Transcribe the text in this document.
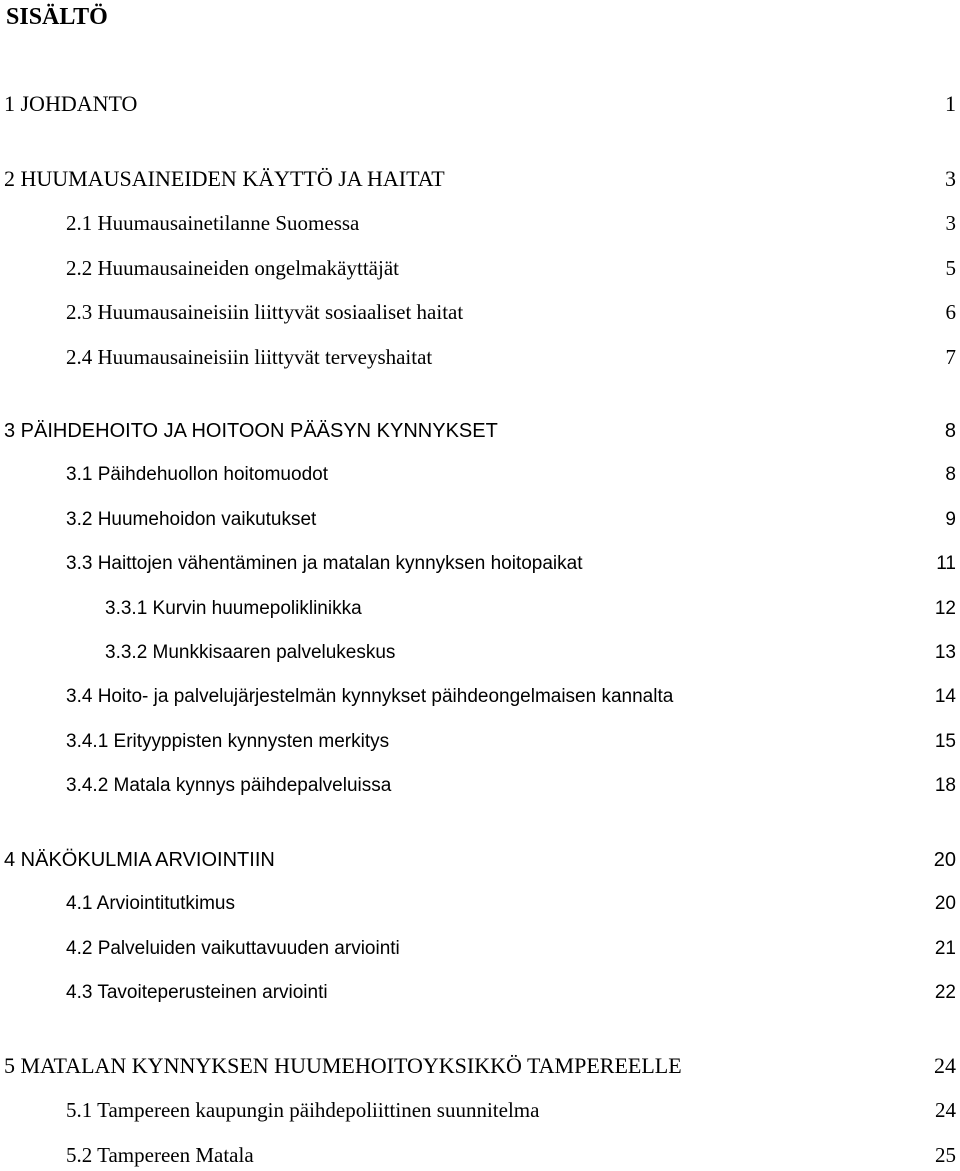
SISÄLTÖ
1 JOHDANTO	1
2 HUUMAUSAINEIDEN KÄYTTÖ JA HAITAT	3
2.1 Huumausainetilanne Suomessa	3
2.2 Huumausaineiden ongelmakäyttäjät	5
2.3 Huumausaineisiin liittyvät sosiaaliset haitat	6
2.4 Huumausaineisiin liittyvät terveyshaitat	7
3 PÄIHDEHOITO JA HOITOON PÄÄSYN KYNNYKSET	8
3.1 Päihdehuollon hoitomuodot	8
3.2 Huumehoidon vaikutukset	9
3.3 Haittojen vähentäminen ja matalan kynnyksen hoitopaikat	11
3.3.1 Kurvin huumepoliklinikka	12
3.3.2 Munkkisaaren palvelukeskus	13
3.4 Hoito- ja palvelujärjestelmän kynnykset päihdeongelmaisen kannalta	14
3.4.1 Erityyppisten kynnysten merkitys	15
3.4.2 Matala kynnys päihdepalveluissa	18
4 NÄKÖKULMIA ARVIOINTIIN	20
4.1 Arviointitutkimus	20
4.2 Palveluiden vaikuttavuuden arviointi	21
4.3 Tavoiteperusteinen arviointi	22
5 MATALAN KYNNYKSEN HUUMEHOITOYKSIKKÖ TAMPEREELLE	24
5.1 Tampereen kaupungin päihdepoliittinen suunnitelma	24
5.2 Tampereen Matala	25
